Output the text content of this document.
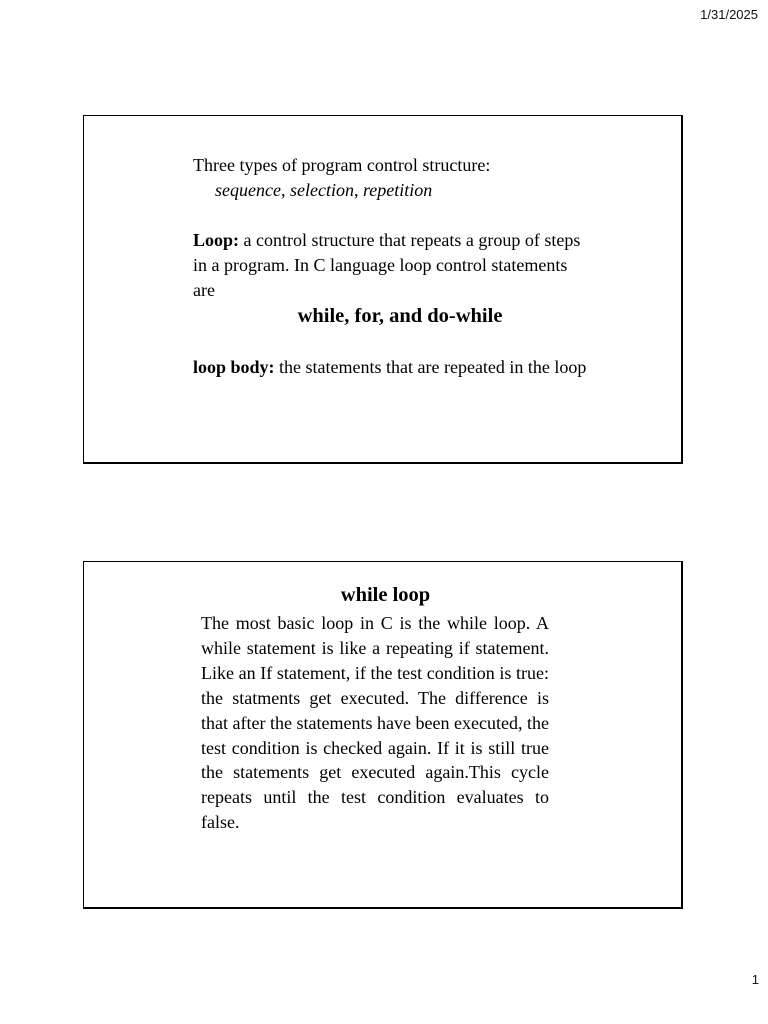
1/31/2025

Three types of program control structure:

sequence, selection, repetition

Loop: a control structure that repeats a group of steps in a program. In C language loop control statements are

while, for, and do-while

loop body: the statements that are repeated in the loop

while loop

The most basic loop in C is the while loop. A while statement is like a repeating if statement. Like an If statement, if the test condition is true: the statments get executed. The difference is that after the statements have been executed, the test condition is checked again. If it is still true the statements get executed again.This cycle repeats until the test condition evaluates to false.

1
